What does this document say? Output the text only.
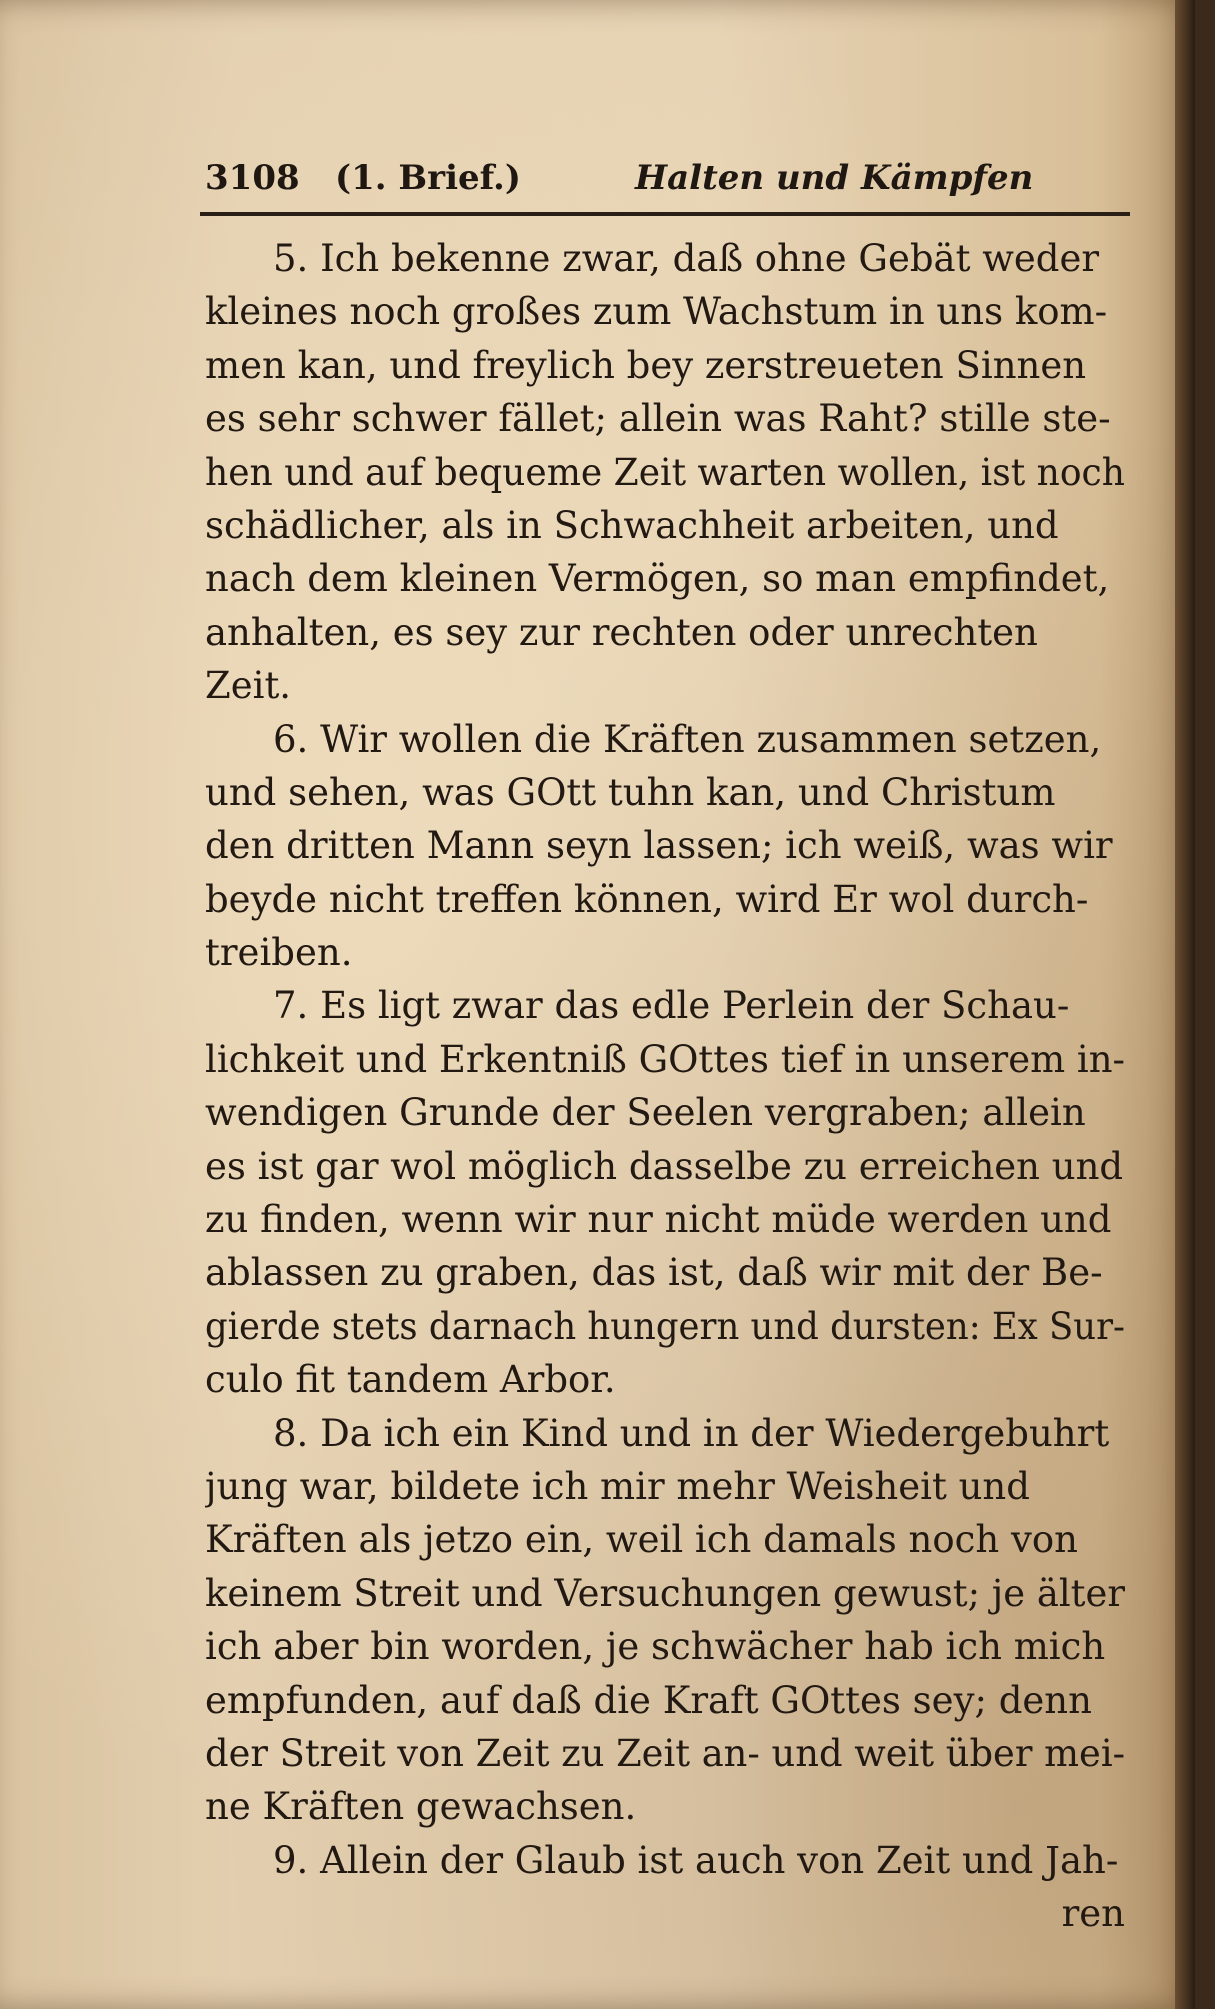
3108 (1. Brief.)	Halten und Kämpfen
5. Ich bekenne zwar, daß ohne Gebät weder
kleines noch großes zum Wachstum in uns kom-
men kan, und freylich bey zerstreueten Sinnen
es sehr schwer fället; allein was Raht? stille ste-
hen und auf bequeme Zeit warten wollen, ist noch
schädlicher, als in Schwachheit arbeiten, und
nach dem kleinen Vermögen, so man empfindet,
anhalten, es sey zur rechten oder unrechten
Zeit.
6. Wir wollen die Kräften zusammen setzen,
und sehen, was GOtt tuhn kan, und Christum
den dritten Mann seyn lassen; ich weiß, was wir
beyde nicht treffen können, wird Er wol durch-
treiben.
7. Es ligt zwar das edle Perlein der Schau-
lichkeit und Erkentniß GOttes tief in unserem in-
wendigen Grunde der Seelen vergraben; allein
es ist gar wol möglich dasselbe zu erreichen und
zu finden, wenn wir nur nicht müde werden und
ablassen zu graben, das ist, daß wir mit der Be-
gierde stets darnach hungern und dursten: Ex Sur-
culo fit tandem Arbor.
8. Da ich ein Kind und in der Wiedergebuhrt
jung war, bildete ich mir mehr Weisheit und
Kräften als jetzo ein, weil ich damals noch von
keinem Streit und Versuchungen gewust; je älter
ich aber bin worden, je schwächer hab ich mich
empfunden, auf daß die Kraft GOttes sey; denn
der Streit von Zeit zu Zeit an- und weit über mei-
ne Kräften gewachsen.
9. Allein der Glaub ist auch von Zeit und Jah-
ren
